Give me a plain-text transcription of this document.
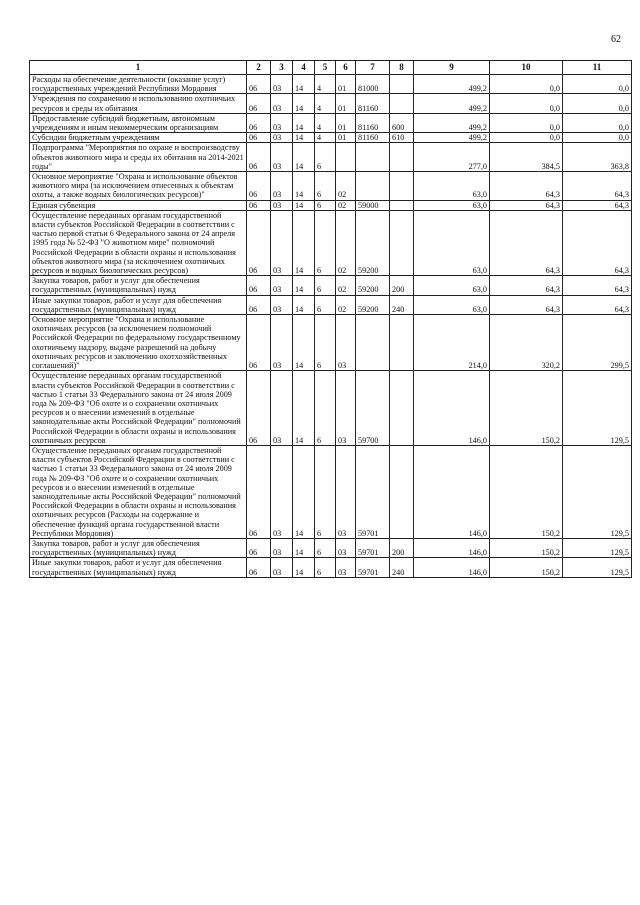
62
1	2	3	4	5	6	7	8	9	10	11
Расходы на обеспечение деятельности (оказание услуг) государственных учреждений Республики Мордовия	06	03	14	4	01	81000		499,2	0,0	0,0
Учреждения по сохранению и использованию охотничьих ресурсов и среды их обитания	06	03	14	4	01	81160		499,2	0,0	0,0
Предоставление субсидий бюджетным, автономным учреждениям и иным некоммерческим организациям	06	03	14	4	01	81160	600	499,2	0,0	0,0
Субсидии бюджетным учреждениям	06	03	14	4	01	81160	610	499,2	0,0	0,0
Подпрограмма "Мероприятия по охране и воспроизводству объектов животного мира и среды их обитания на 2014-2021 годы"	06	03	14	6				277,0	384,5	363,8
Основное мероприятие "Охрана и использование объектов животного мира (за исключением отнесенных к объектам охоты, а также водных биологических ресурсов)"	06	03	14	6	02			63,0	64,3	64,3
Единая субвенция	06	03	14	6	02	59000		63,0	64,3	64,3
Осуществление переданных органам государственной власти субъектов Российской Федерации в соответствии с частью первой статьи 6 Федерального закона от 24 апреля 1995 года № 52-ФЗ "О животном мире" полномочий Российской Федерации в области охраны и использования объектов животного мира (за исключением охотничьих ресурсов и водных биологических ресурсов)	06	03	14	6	02	59200		63,0	64,3	64,3
Закупка товаров, работ и услуг для обеспечения государственных (муниципальных) нужд	06	03	14	6	02	59200	200	63,0	64,3	64,3
Иные закупки товаров, работ и услуг для обеспечения государственных (муниципальных) нужд	06	03	14	6	02	59200	240	63,0	64,3	64,3
Основное мероприятие "Охрана и использование охотничьих ресурсов (за исключением полномочий Российской Федерации по федеральному государственному охотничьему надзору, выдаче разрешений на добычу охотничьих ресурсов и заключению охотхозяйственных соглашений)"	06	03	14	6	03			214,0	320,2	299,5
Осуществление переданных органам государственной власти субъектов Российской Федерации в соответствии с частью 1 статьи 33 Федерального закона от 24 июля 2009 года № 209-ФЗ "Об охоте и о сохранении охотничьих ресурсов и о внесении изменений в отдельные законодательные акты Российской Федерации" полномочий Российской Федерации в области охраны и использования охотничьих ресурсов	06	03	14	6	03	59700		146,0	150,2	129,5
Осуществление переданных органам государственной власти субъектов Российской Федерации в соответствии с частью 1 статьи 33 Федерального закона от 24 июля 2009 года № 209-ФЗ "Об охоте и о сохранении охотничьих ресурсов и о внесении изменений в отдельные законодательные акты Российской Федерации" полномочий Российской Федерации в области охраны и использования охотничьих ресурсов (Расходы на содержание и обеспечение функций органа государственной власти Республики Мордовия)	06	03	14	6	03	59701		146,0	150,2	129,5
Закупка товаров, работ и услуг для обеспечения государственных (муниципальных) нужд	06	03	14	6	03	59701	200	146,0	150,2	129,5
Иные закупки товаров, работ и услуг для обеспечения государственных (муниципальных) нужд	06	03	14	6	03	59701	240	146,0	150,2	129,5
